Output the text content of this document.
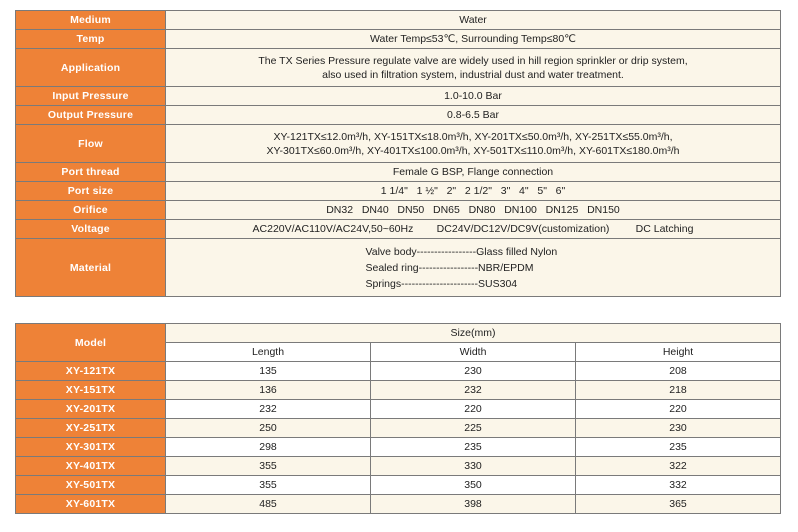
Medium	Water
Temp	Water Temp≤53℃, Surrounding Temp≤80℃
Application	The TX Series Pressure regulate valve are widely used in hill region sprinkler or drip system,
also used in filtration system, industrial dust and water treatment.

Input Pressure	1.0-10.0 Bar
Output Pressure	0.8-6.5 Bar
Flow	XY-121TX≤12.0m³/h, XY-151TX≤18.0m³/h, XY-201TX≤50.0m³/h, XY-251TX≤55.0m³/h,
XY-301TX≤60.0m³/h, XY-401TX≤100.0m³/h, XY-501TX≤110.0m³/h, XY-601TX≤180.0m³/h

Port thread	Female G BSP, Flange connection
Port size	1 1/4"   1 ½"   2"   2 1/2"   3"   4"   5"   6"
Orifice	DN32   DN40   DN50   DN65   DN80   DN100   DN125   DN150
Voltage	AC220V/AC110V/AC24V,50~60Hz        DC24V/DC12V/DC9V(customization)         DC Latching
Material	Valve body-----------------Glass filled Nylon
Sealed ring-----------------NBR/EPDM
Springs----------------------SUS304
Model	Size(mm)		
	Length	Width	Height
XY-121TX	135	230	208
XY-151TX	136	232	218
XY-201TX	232	220	220
XY-251TX	250	225	230
XY-301TX	298	235	235
XY-401TX	355	330	322
XY-501TX	355	350	332
XY-601TX	485	398	365
